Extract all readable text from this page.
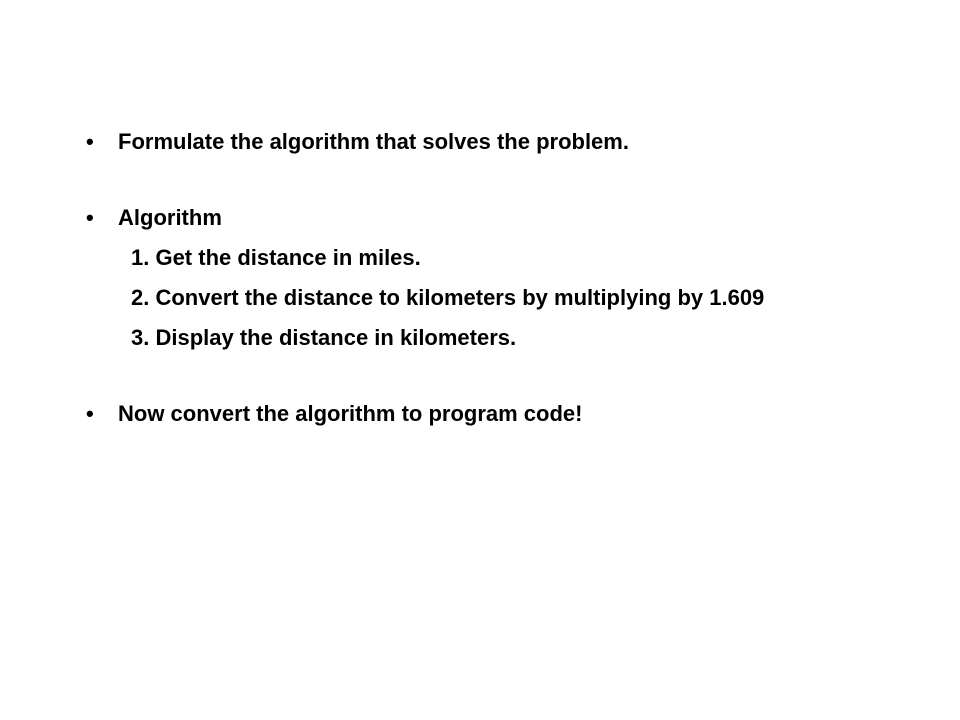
•	Formulate the algorithm that solves the problem.
•	Algorithm
1. Get the distance in miles.
2. Convert the distance to kilometers by multiplying by 1.609
3. Display the distance in kilometers.
•	Now convert the algorithm to program code!
